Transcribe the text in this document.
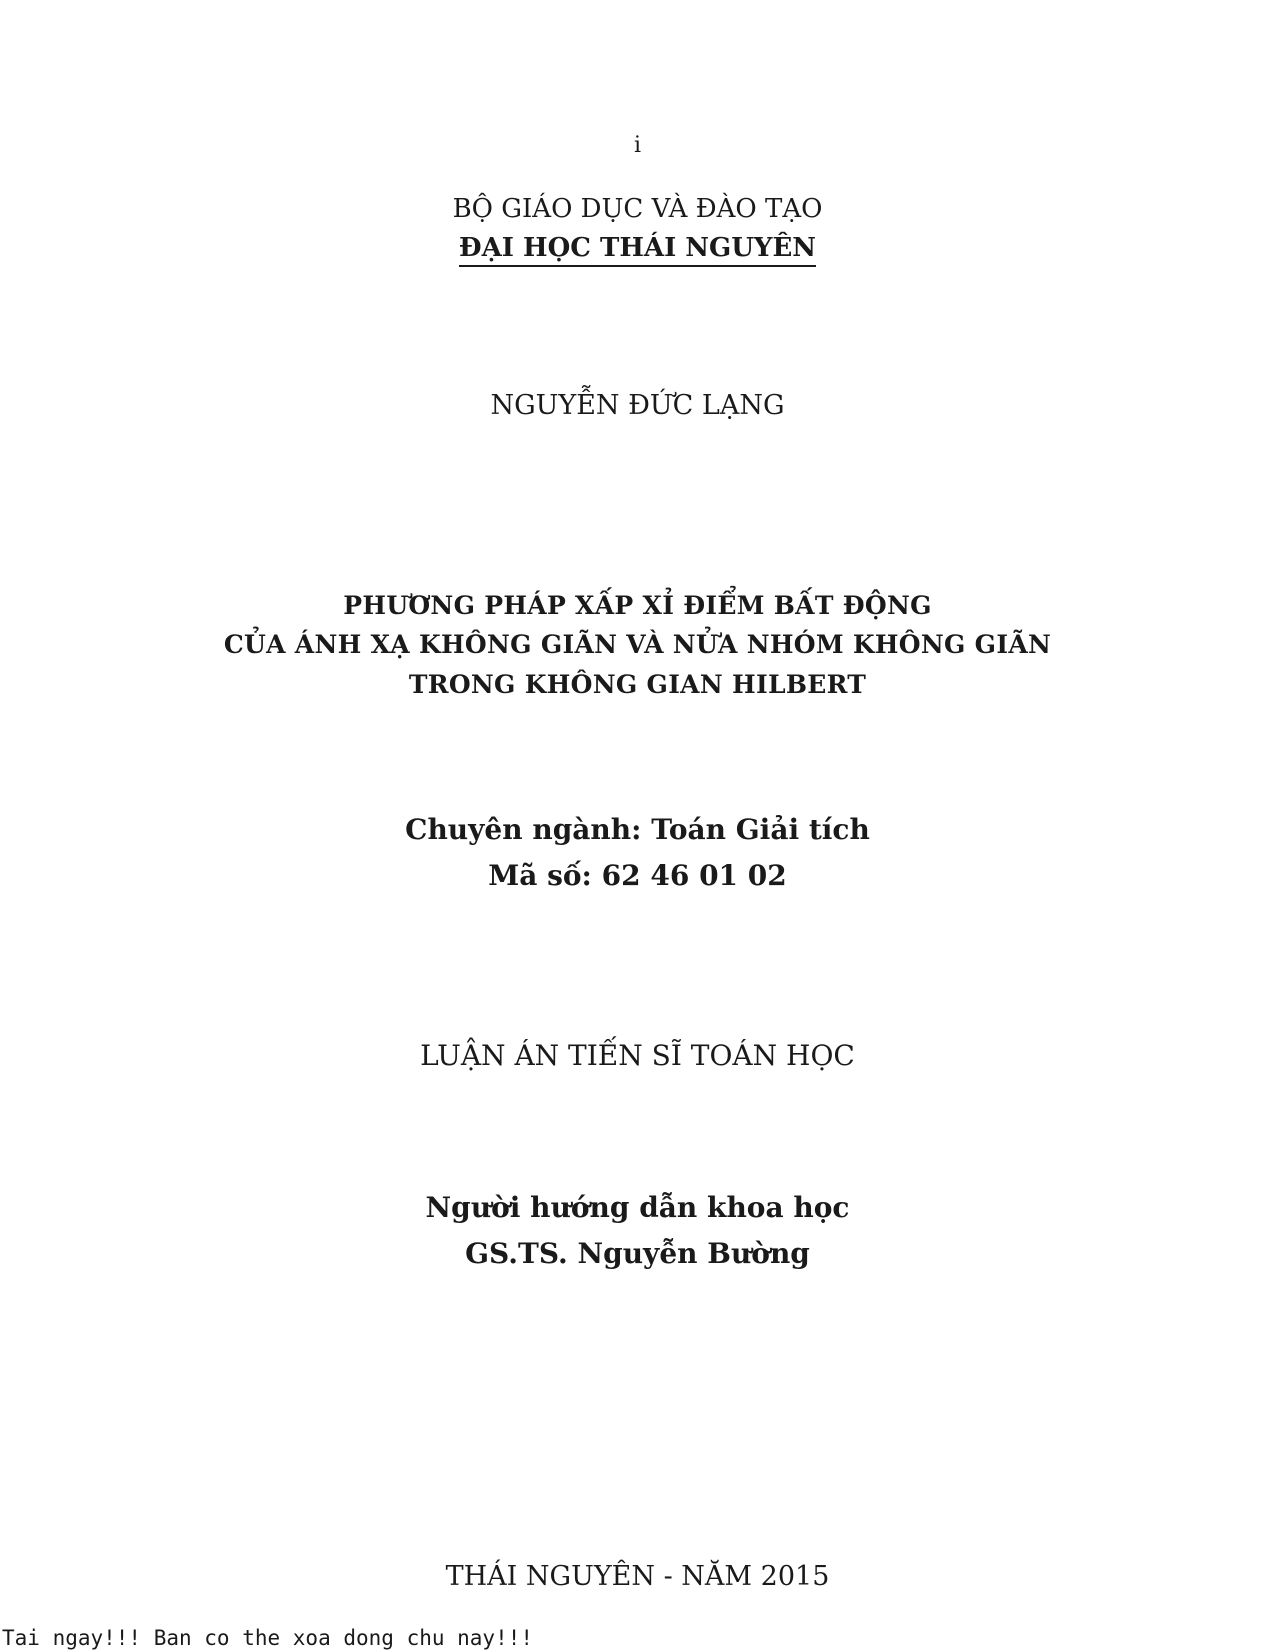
i
BỘ GIÁO DỤC VÀ ĐÀO TẠO
ĐẠI HỌC THÁI NGUYÊN
NGUYỄN ĐỨC LẠNG
PHƯƠNG PHÁP XẤP XỈ ĐIỂM BẤT ĐỘNG
CỦA ÁNH XẠ KHÔNG GIÃN VÀ NỬA NHÓM KHÔNG GIÃN
TRONG KHÔNG GIAN HILBERT
Chuyên ngành: Toán Giải tích
Mã số: 62 46 01 02
LUẬN ÁN TIẾN SĨ TOÁN HỌC
Người hướng dẫn khoa học
GS.TS. Nguyễn Bường
THÁI NGUYÊN - NĂM 2015
Tai ngay!!! Ban co the xoa dong chu nay!!!
